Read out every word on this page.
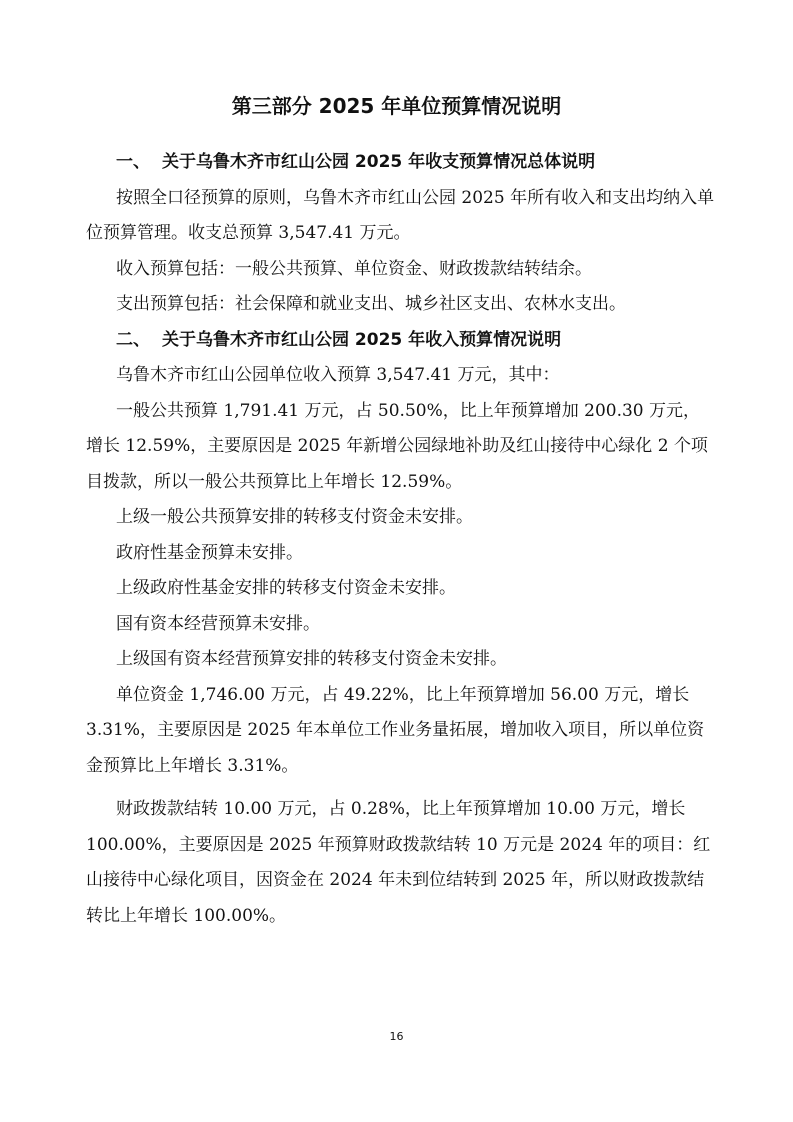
第三部分 2025 年单位预算情况说明
一、 关于乌鲁木齐市红山公园 2025 年收支预算情况总体说明

按照全口径预算的原则，乌鲁木齐市红山公园 2025 年所有收入和支出均纳入单位预算管理。收支总预算 3,547.41 万元。

收入预算包括：一般公共预算、单位资金、财政拨款结转结余。

支出预算包括：社会保障和就业支出、城乡社区支出、农林水支出。

二、 关于乌鲁木齐市红山公园 2025 年收入预算情况说明

乌鲁木齐市红山公园单位收入预算 3,547.41 万元，其中：

一般公共预算 1,791.41 万元，占 50.50%，比上年预算增加 200.30 万元，增长 12.59%，主要原因是 2025 年新增公园绿地补助及红山接待中心绿化 2 个项目拨款，所以一般公共预算比上年增长 12.59%。

上级一般公共预算安排的转移支付资金未安排。

政府性基金预算未安排。

上级政府性基金安排的转移支付资金未安排。

国有资本经营预算未安排。

上级国有资本经营预算安排的转移支付资金未安排。

单位资金 1,746.00 万元，占 49.22%，比上年预算增加 56.00 万元，增长 3.31%，主要原因是 2025 年本单位工作业务量拓展，增加收入项目，所以单位资金预算比上年增长 3.31%。

财政拨款结转 10.00 万元，占 0.28%，比上年预算增加 10.00 万元，增长 100.00%，主要原因是 2025 年预算财政拨款结转 10 万元是 2024 年的项目：红山接待中心绿化项目，因资金在 2024 年未到位结转到 2025 年，所以财政拨款结转比上年增长 100.00%。

16
